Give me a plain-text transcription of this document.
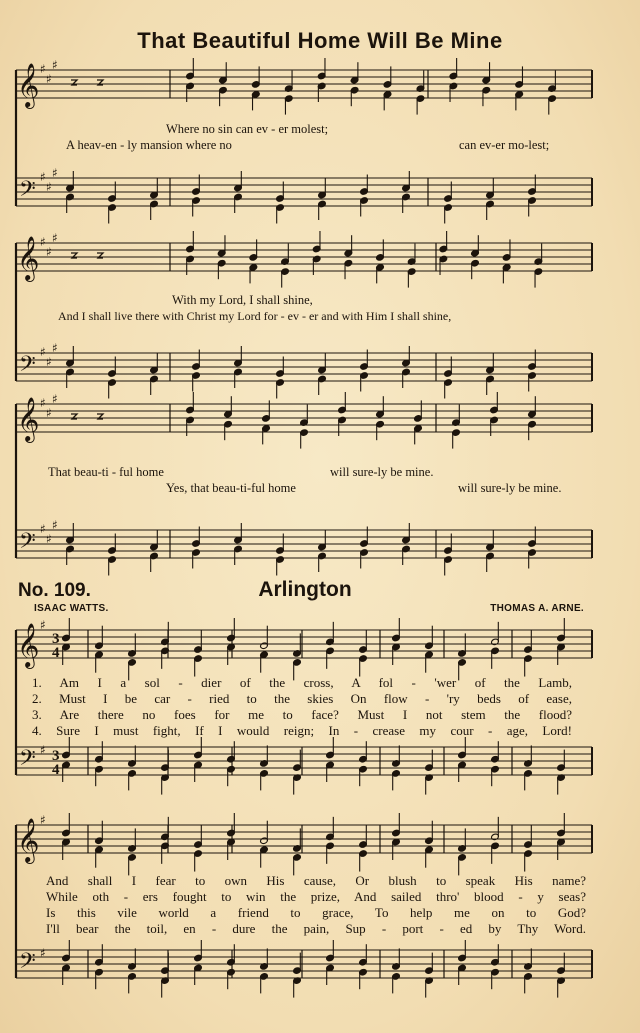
That Beautiful Home Will Be Mine
𝄞
𝄢
♯
♯
♯
♯
♯
♯
𝄞
𝄢
♯
♯
♯
♯
♯
♯
𝄞
𝄢
♯
♯
♯
♯
♯
♯
𝄞
𝄢
♯
♯
3
4
3
4
𝄞
𝄢
♯
♯
Where no sin can ev - er molest;
A heav-en - ly mansion where no	can ev-er mo-lest;
With my Lord, I shall shine,
And I shall live there with Christ my Lord for - ev - er and with Him I shall shine,
That beau-ti - ful home	will sure-ly be mine.
Yes, that beau-ti-ful home	will sure-ly be mine.
No. 109.	Arlington
ISAAC WATTS.	THOMAS A. ARNE.
1. Am I a sol - dier of the cross, A fol - 'wer of the Lamb,
2. Must I be car - ried to the skies On flow - 'ry beds of ease,
3. Are there no foes for me to face? Must I not stem the flood?
4. Sure I must fight, If I would reign; In - crease my cour - age, Lord!
And shall I fear to own His cause, Or blush to speak His name?
While oth - ers fought to win the prize, And sailed thro' blood - y seas?
Is this vile world a friend to grace, To help me on to God?
I'll bear the toil, en - dure the pain, Sup - port - ed by Thy Word.
